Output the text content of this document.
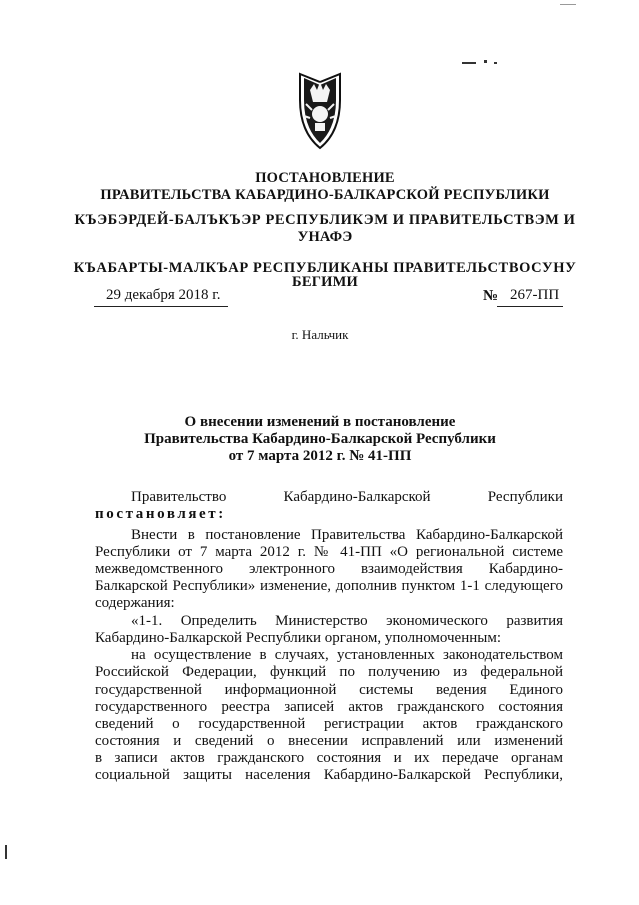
ПОСТАНОВЛЕНИЕ
ПРАВИТЕЛЬСТВА КАБАРДИНО-БАЛКАРСКОЙ РЕСПУБЛИКИ
КЪЭБЭРДЕЙ-БАЛЪКЪЭР РЕСПУБЛИКЭМ И ПРАВИТЕЛЬСТВЭМ И
УНАФЭ
КЪАБАРТЫ-МАЛКЪАР РЕСПУБЛИКАНЫ ПРАВИТЕЛЬСТВОСУНУ
БЕГИМИ
29 декабря 2018 г.	№ 267-ПП
г. Нальчик
О внесении изменений в постановление
Правительства Кабардино-Балкарской Республики
от 7 марта 2012 г. № 41-ПП
Правительство Кабардино-Балкарской Республики
постановляет:
Внести в постановление Правительства Кабардино-Балкарской
Республики от 7 марта 2012 г. № 41-ПП «О региональной системе
межведомственного электронного взаимодействия Кабардино-
Балкарской Республики» изменение, дополнив пунктом 1-1 следующего
содержания:
«1-1. Определить Министерство экономического развития
Кабардино-Балкарской Республики органом, уполномоченным:
на осуществление в случаях, установленных законодательством
Российской Федерации, функций по получению из федеральной
государственной информационной системы ведения Единого
государственного реестра записей актов гражданского состояния
сведений о государственной регистрации актов гражданского
состояния и сведений о внесении исправлений или изменений
в записи актов гражданского состояния и их передаче органам
социальной защиты населения Кабардино-Балкарской Республики,
